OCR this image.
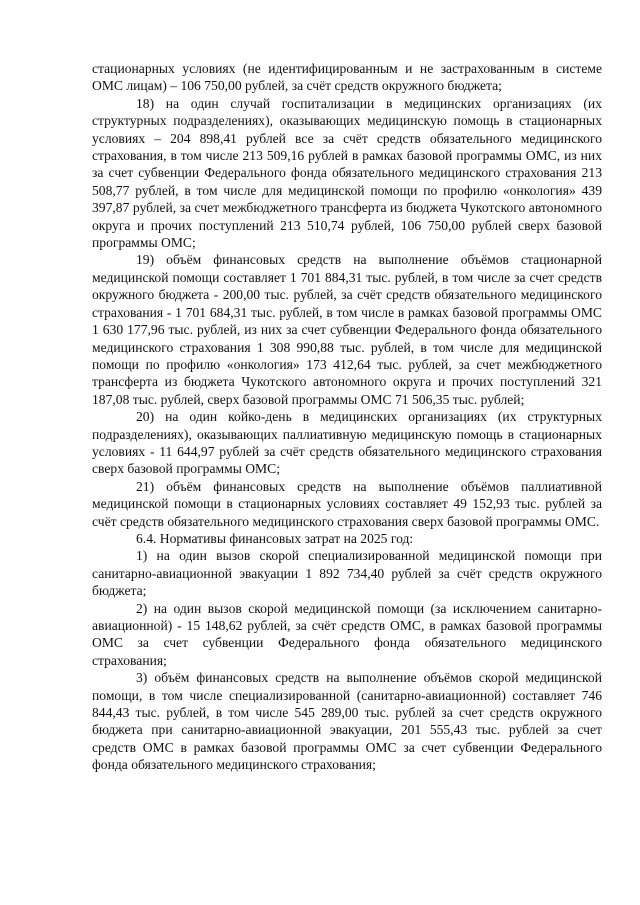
стационарных условиях (не идентифицированным и не застрахованным в системе ОМС лицам) – 106 750,00 рублей, за счёт средств окружного бюджета;

18) на один случай госпитализации в медицинских организациях (их структурных подразделениях), оказывающих медицинскую помощь в стационарных условиях – 204 898,41 рублей все за счёт средств обязательного медицинского страхования, в том числе 213 509,16 рублей в рамках базовой программы ОМС, из них за счет субвенции Федерального фонда обязательного медицинского страхования 213 508,77 рублей, в том числе для медицинской помощи по профилю «онкология» 439 397,87 рублей, за счет межбюджетного трансферта из бюджета Чукотского автономного округа и прочих поступлений 213 510,74 рублей, 106 750,00 рублей сверх базовой программы ОМС;

19) объём финансовых средств на выполнение объёмов стационарной медицинской помощи составляет 1 701 884,31 тыс. рублей, в том числе за счет средств окружного бюджета - 200,00 тыс. рублей, за счёт средств обязательного медицинского страхования - 1 701 684,31 тыс. рублей, в том числе в рамках базовой программы ОМС 1 630 177,96 тыс. рублей, из них за счет субвенции Федерального фонда обязательного медицинского страхования 1 308 990,88 тыс. рублей, в том числе для медицинской помощи по профилю «онкология» 173 412,64 тыс. рублей, за счет межбюджетного трансферта из бюджета Чукотского автономного округа и прочих поступлений 321 187,08 тыс. рублей, сверх базовой программы ОМС 71 506,35 тыс. рублей;

20) на один койко-день в медицинских организациях (их структурных подразделениях), оказывающих паллиативную медицинскую помощь в стационарных условиях - 11 644,97 рублей за счёт средств обязательного медицинского страхования сверх базовой программы ОМС;

21) объём финансовых средств на выполнение объёмов паллиативной медицинской помощи в стационарных условиях составляет 49 152,93 тыс. рублей за счёт средств обязательного медицинского страхования сверх базовой программы ОМС.

6.4. Нормативы финансовых затрат на 2025 год:

1) на один вызов скорой специализированной медицинской помощи при санитарно-авиационной эвакуации 1 892 734,40 рублей за счёт средств окружного бюджета;

2) на один вызов скорой медицинской помощи (за исключением санитарно-авиационной) - 15 148,62 рублей, за счёт средств ОМС, в рамках базовой программы ОМС за счет субвенции Федерального фонда обязательного медицинского страхования;

3) объём финансовых средств на выполнение объёмов скорой медицинской помощи, в том числе специализированной (санитарно-авиационной) составляет 746 844,43 тыс. рублей, в том числе 545 289,00 тыс. рублей за счет средств окружного бюджета при санитарно-авиационной эвакуации, 201 555,43 тыс. рублей за счет средств ОМС в рамках базовой программы ОМС за счет субвенции Федерального фонда обязательного медицинского страхования;
